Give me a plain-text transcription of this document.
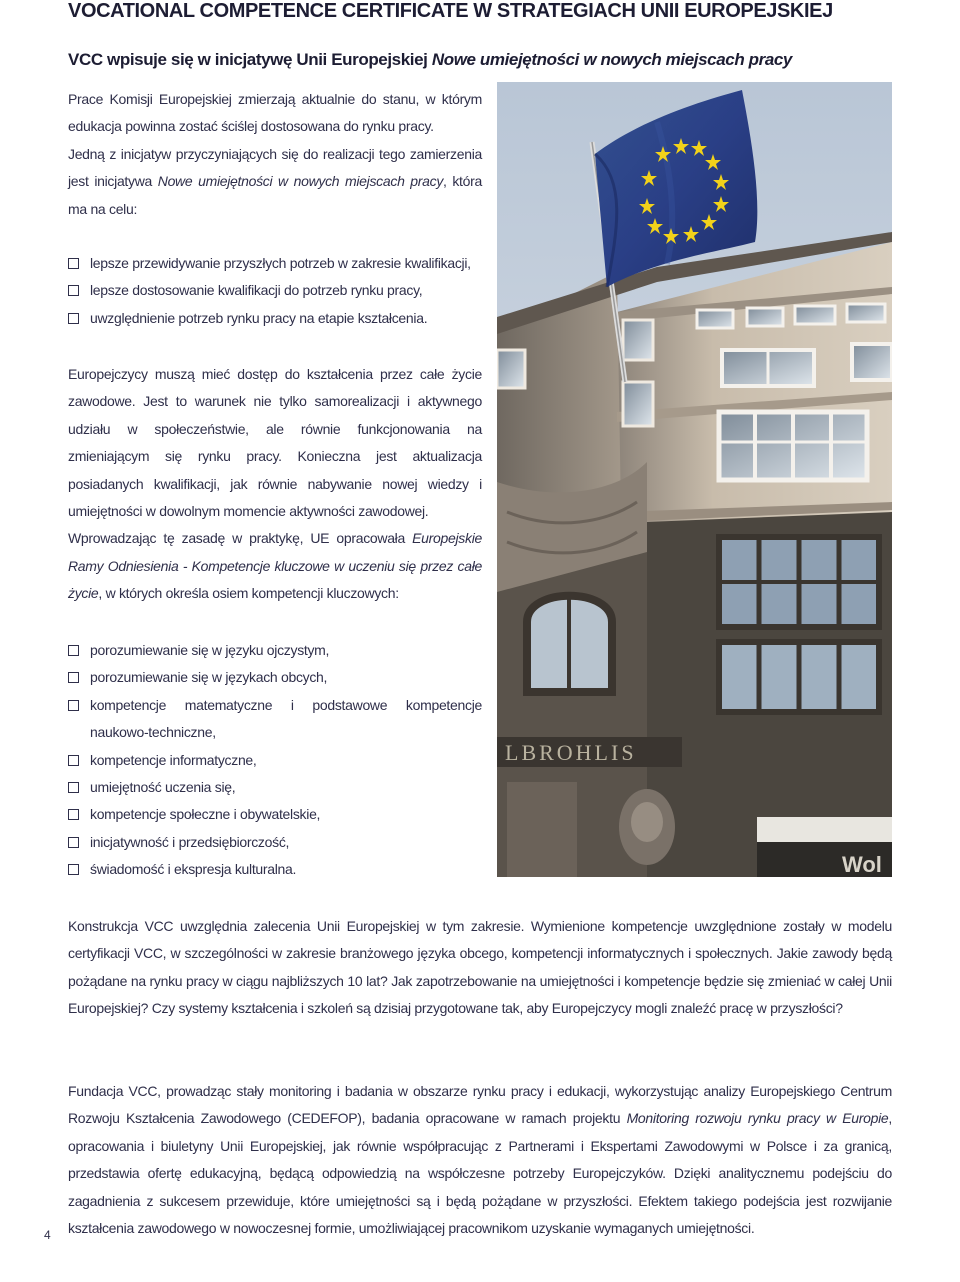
VOCATIONAL COMPETENCE CERTIFICATE W STRATEGIACH UNII EUROPEJSKIEJ
VCC wpisuje się w inicjatywę Unii Europejskiej Nowe umiejętności w nowych miejscach pracy

Prace Komisji Europejskiej zmierzają aktualnie do stanu, w którym edukacja powinna zostać ściślej dostosowana do rynku pracy.

Jedną z inicjatyw przyczyniających się do realizacji tego zamierzenia jest inicjatywa Nowe umiejętności w nowych miejscach pracy, która ma na celu:

lepsze przewidywanie przyszłych potrzeb w zakresie kwalifikacji,
lepsze dostosowanie kwalifikacji do potrzeb rynku pracy,
uwzględnienie potrzeb rynku pracy na etapie kształcenia.

Europejczycy muszą mieć dostęp do kształcenia przez całe życie zawodowe. Jest to warunek nie tylko samorealizacji i aktywnego udziału w społeczeństwie, ale równie funkcjonowania na zmieniającym się rynku pracy. Konieczna jest aktualizacja posiadanych kwalifikacji, jak równie nabywanie nowej wiedzy i umiejętności w dowolnym momencie aktywności zawodowej.

Wprowadzając tę zasadę w praktykę, UE opracowała Europejskie Ramy Odniesienia - Kompetencje kluczowe w uczeniu się przez całe życie, w których określa osiem kompetencji kluczowych:

porozumiewanie się w języku ojczystym,
porozumiewanie się w językach obcych,
kompetencje matematyczne i podstawowe kompetencje naukowo-techniczne,
kompetencje informatyczne,
umiejętność uczenia się,
kompetencje społeczne i obywatelskie,
inicjatywność i przedsiębiorczość,
świadomość i ekspresja kulturalna.
LBROHLIS
Wol

Konstrukcja VCC uwzględnia zalecenia Unii Europejskiej w tym zakresie. Wymienione kompetencje uwzględnione zostały w modelu certyfikacji VCC, w szczególności w zakresie branżowego języka obcego, kompetencji informatycznych i społecznych. Jakie zawody będą pożądane na rynku pracy w ciągu najbliższych 10 lat? Jak zapotrzebowanie na umiejętności i kompetencje będzie się zmieniać w całej Unii Europejskiej? Czy systemy kształcenia i szkoleń są dzisiaj przygotowane tak, aby Europejczycy mogli znaleźć pracę w przyszłości?

Fundacja VCC, prowadząc stały monitoring i badania w obszarze rynku pracy i edukacji, wykorzystując analizy Europejskiego Centrum Rozwoju Kształcenia Zawodowego (CEDEFOP), badania opracowane w ramach projektu Monitoring rozwoju rynku pracy w Europie, opracowania i biuletyny Unii Europejskiej, jak równie współpracując z Partnerami i Ekspertami Zawodowymi w Polsce i za granicą, przedstawia ofertę edukacyjną, będącą odpowiedzią na współczesne potrzeby Europejczyków. Dzięki analitycznemu podejściu do zagadnienia z sukcesem przewiduje, które umiejętności są i będą pożądane w przyszłości. Efektem takiego podejścia jest rozwijanie kształcenia zawodowego w nowoczesnej formie, umożliwiającej pracownikom uzyskanie wymaganych umiejętności.

4
